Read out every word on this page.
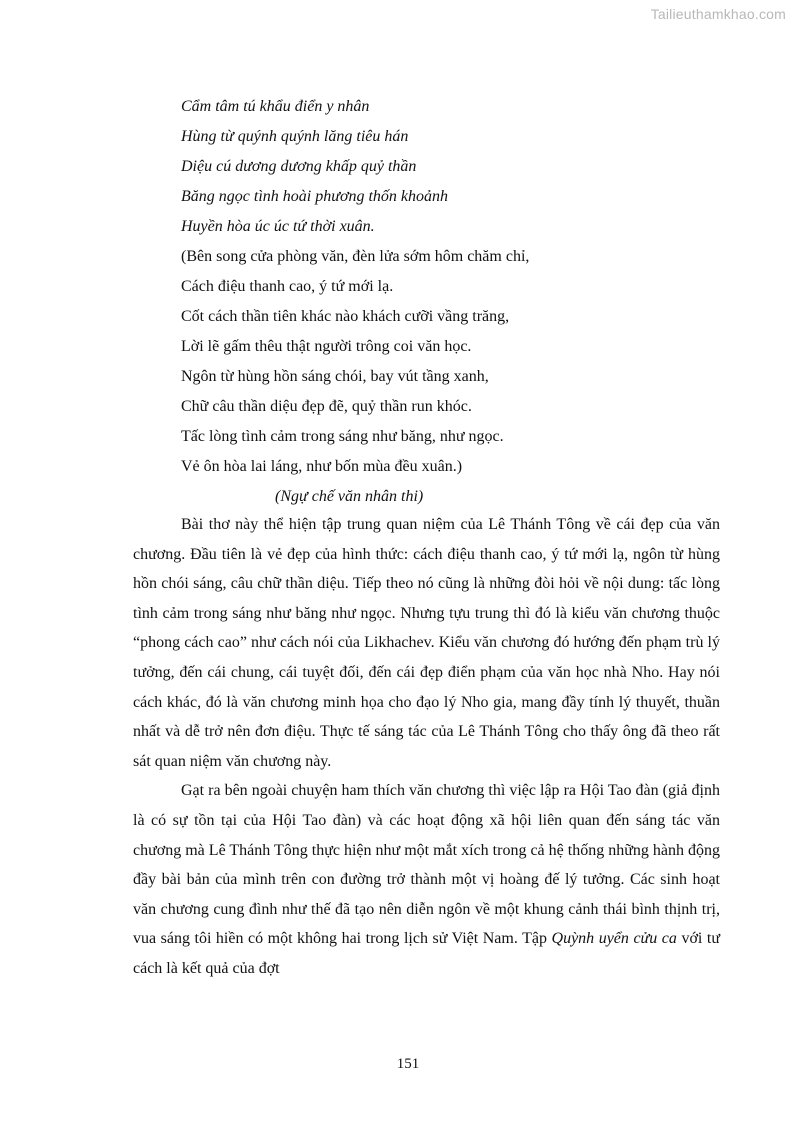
Tailieuthamkhao.com
Cẩm tâm tú khẩu điển y nhân
Hùng từ quýnh quýnh lăng tiêu hán
Diệu cú dương dương khấp quỷ thần
Băng ngọc tình hoài phương thốn khoảnh
Huyền hòa úc úc tứ thời xuân.
(Bên song cửa phòng văn, đèn lửa sớm hôm chăm chỉ,
Cách điệu thanh cao, ý tứ mới lạ.
Cốt cách thần tiên khác nào khách cưỡi vầng trăng,
Lời lẽ gấm thêu thật người trông coi văn học.
Ngôn từ hùng hồn sáng chói, bay vút tầng xanh,
Chữ câu thần diệu đẹp đẽ, quỷ thần run khóc.
Tấc lòng tình cảm trong sáng như băng, như ngọc.
Vẻ ôn hòa lai láng, như bốn mùa đều xuân.)
(Ngự chế văn nhân thi)

Bài thơ này thể hiện tập trung quan niệm của Lê Thánh Tông về cái đẹp của văn chương. Đầu tiên là vẻ đẹp của hình thức: cách điệu thanh cao, ý tứ mới lạ, ngôn từ hùng hồn chói sáng, câu chữ thần diệu. Tiếp theo nó cũng là những đòi hỏi về nội dung: tấc lòng tình cảm trong sáng như băng như ngọc. Nhưng tựu trung thì đó là kiểu văn chương thuộc “phong cách cao” như cách nói của Likhachev. Kiểu văn chương đó hướng đến phạm trù lý tưởng, đến cái chung, cái tuyệt đối, đến cái đẹp điển phạm của văn học nhà Nho. Hay nói cách khác, đó là văn chương minh họa cho đạo lý Nho gia, mang đầy tính lý thuyết, thuần nhất và dễ trở nên đơn điệu. Thực tế sáng tác của Lê Thánh Tông cho thấy ông đã theo rất sát quan niệm văn chương này.

Gạt ra bên ngoài chuyện ham thích văn chương thì việc lập ra Hội Tao đàn (giả định là có sự tồn tại của Hội Tao đàn) và các hoạt động xã hội liên quan đến sáng tác văn chương mà Lê Thánh Tông thực hiện như một mắt xích trong cả hệ thống những hành động đầy bài bản của mình trên con đường trở thành một vị hoàng đế lý tưởng. Các sinh hoạt văn chương cung đình như thế đã tạo nên diễn ngôn về một khung cảnh thái bình thịnh trị, vua sáng tôi hiền có một không hai trong lịch sử Việt Nam. Tập Quỳnh uyển cửu ca với tư cách là kết quả của đợt

151
